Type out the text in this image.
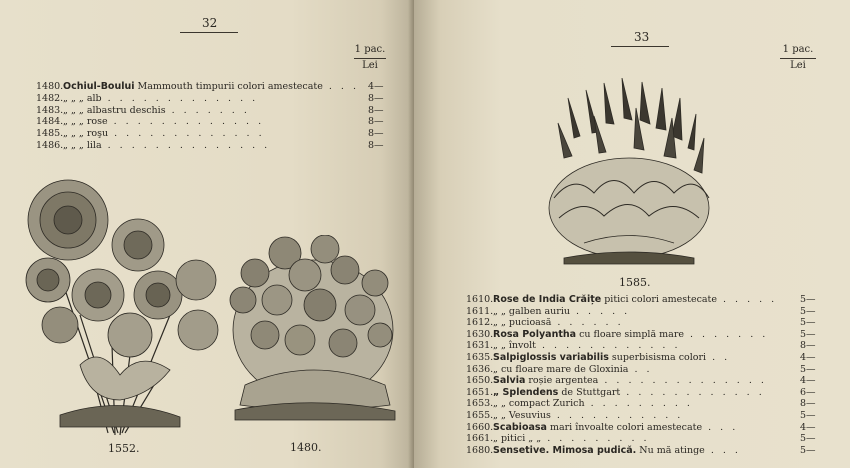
32
1 pac.
Lei
1480. Ochiul-Boului Mammouth timpurii colori amestecate . . . 4—
1482. „ „ „ alb . . . . . . . . . . . . .	8—
1483. „ „ „ albastru deschis . . . . . . .	8—
1484. „ „ „ rose . . . . . . . . . . . . .	8—
1485. „ „ „ roşu . . . . . . . . . . . . .	8—
1486. „ „ „ lila . . . . . . . . . . . . . .	8—
1552.	1480.
33
1 pac.
Lei
1585.
1610. Rose de India Crăițe pitici colori amestecate . . . . . 5—
1611. „ „ galben auriu . . . . .	5—
1612. „ „ pucioasă . . . . . .	5—
1630. Rosa Polyantha cu floare simplă mare . . . . . . .	5—
1631. „ „ învolt . . . . . . . . . . . .	8—
1635. Salpiglossis variabilis superbisisma colori . .	4—
1636. „ cu floare mare de Gloxinia . .	5—
1650. Salvia roșie argentea . . . . . . . . . . . . . .	4—
1651. „ Splendens de Stuttgart . . . . . . . . . . . .	6—
1653. „ „ compact Zurich . . . . . . . . .	8—
1655. „ „ Vesuvius . . . . . . . . . . .	5—
1660. Scabioasa mari învoalte colori amestecate . . .	4—
1661. „ pitici „ „ . . . . . . . . .	5—
1680. Sensetive. Mimosa pudică. Nu mă atinge . . .	5—
